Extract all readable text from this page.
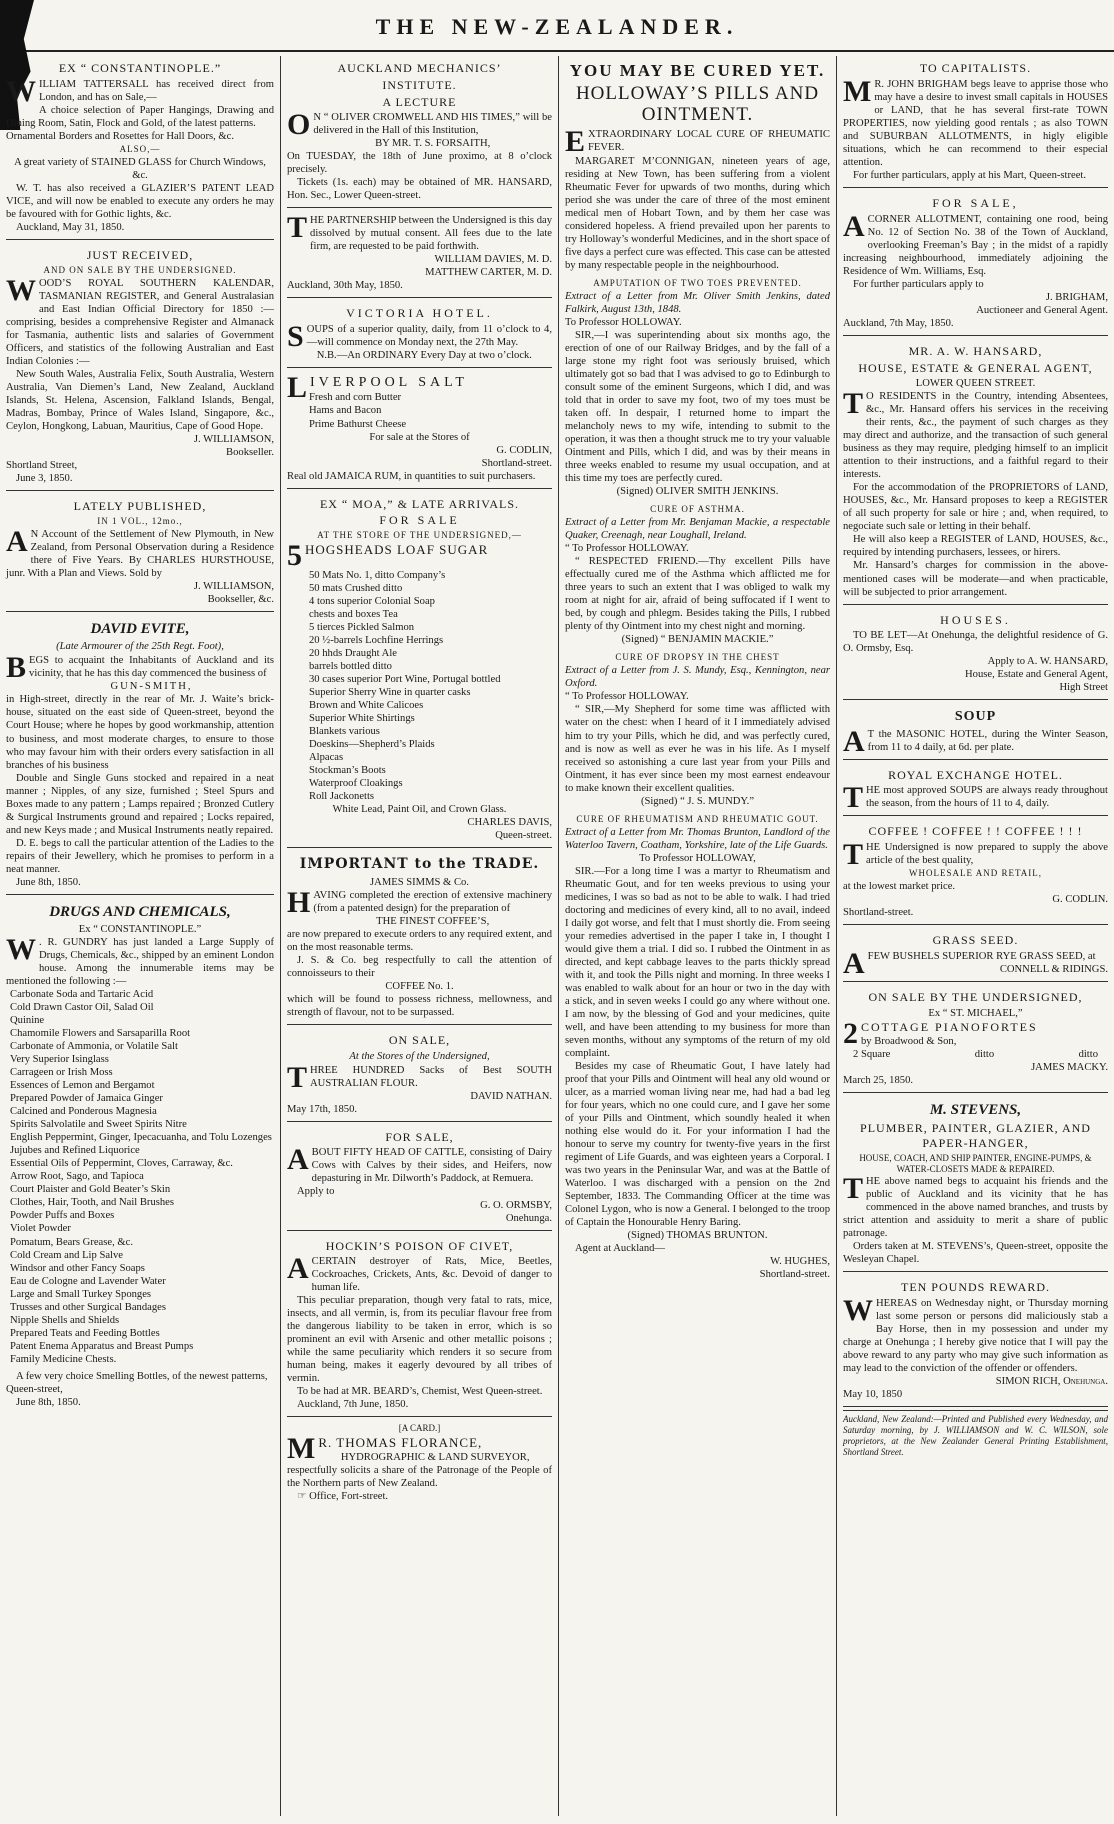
THE NEW-ZEALANDER.
EX “ CONSTANTINOPLE.”

WILLIAM TATTERSALL has received direct from London, and has on Sale,—

A choice selection of Paper Hangings, Drawing and Dining Room, Satin, Flock and Gold, of the latest patterns.

Ornamental Borders and Rosettes for Hall Doors, &c.

ALSO,—

A great variety of STAINED GLASS for Church Windows, &c.

W. T. has also received a GLAZIER’S PATENT LEAD VICE, and will now be enabled to execute any orders he may be favoured with for Gothic lights, &c.

Auckland, May 31, 1850.

JUST RECEIVED,
AND ON SALE BY THE UNDERSIGNED.

WOOD’S ROYAL SOUTHERN KALENDAR, TASMANIAN REGISTER, and General Australasian and East Indian Official Directory for 1850 :—comprising, besides a comprehensive Register and Almanack for Tasmania, authentic lists and salaries of Government Officers, and statistics of the following Australian and East Indian Colonies :—

New South Wales, Australia Felix, South Australia, Western Australia, Van Diemen’s Land, New Zealand, Auckland Islands, St. Helena, Ascension, Falkland Islands, Bengal, Madras, Bombay, Prince of Wales Island, Singapore, &c., Ceylon, Hongkong, Labuan, Mauritius, Cape of Good Hope.

J. WILLIAMSON,

Bookseller.

Shortland Street,

June 3, 1850.

LATELY PUBLISHED,
IN 1 VOL., 12mo.,

A N Account of the Settlement of New Plymouth, in New Zealand, from Personal Observation during a Residence there of Five Years. By CHARLES HURSTHOUSE, junr. With a Plan and Views. Sold by

J. WILLIAMSON,

Bookseller, &c.

DAVID EVITE,
(Late Armourer of the 25th Regt. Foot),

BEGS to acquaint the Inhabitants of Auckland and its vicinity, that he has this day commenced the business of

GUN-SMITH,

in High-street, directly in the rear of Mr. J. Waite’s brick-house, situated on the east side of Queen-street, beyond the Court House; where he hopes by good workmanship, attention to business, and most moderate charges, to ensure to those who may favour him with their orders every satisfaction in all branches of his business

Double and Single Guns stocked and repaired in a neat manner ; Nipples, of any size, furnished ; Steel Spurs and Boxes made to any pattern ; Lamps repaired ; Bronzed Cutlery & Surgical Instruments ground and repaired ; Locks repaired, and new Keys made ; and Musical Instruments neatly repaired.

D. E. begs to call the particular attention of the Ladies to the repairs of their Jewellery, which he promises to perform in a neat manner.

June 8th, 1850.

DRUGS AND CHEMICALS,
Ex “ CONSTANTINOPLE.”

W . R. GUNDRY has just landed a Large Supply of Drugs, Chemicals, &c., shipped by an eminent London house. Among the innumerable items may be mentioned the following :—

Carbonate Soda and Tartaric Acid
Cold Drawn Castor Oil, Salad Oil
Quinine
Chamomile Flowers and Sarsaparilla Root
Carbonate of Ammonia, or Volatile Salt
Very Superior Isinglass
Carrageen or Irish Moss
Essences of Lemon and Bergamot
Prepared Powder of Jamaica Ginger
Calcined and Ponderous Magnesia
Spirits Salvolatile and Sweet Spirits Nitre
English Peppermint, Ginger, Ipecacuanha, and Tolu Lozenges
Jujubes and Refined Liquorice
Essential Oils of Peppermint, Cloves, Carraway, &c.
Arrow Root, Sago, and Tapioca
Court Plaister and Gold Beater’s Skin
Clothes, Hair, Tooth, and Nail Brushes
Powder Puffs and Boxes
Violet Powder
Pomatum, Bears Grease, &c.
Cold Cream and Lip Salve
Windsor and other Fancy Soaps
Eau de Cologne and Lavender Water
Large and Small Turkey Sponges
Trusses and other Surgical Bandages
Nipple Shells and Shields
Prepared Teats and Feeding Bottles
Patent Enema Apparatus and Breast Pumps
Family Medicine Chests.

A few very choice Smelling Bottles, of the newest patterns,

Queen-street,

June 8th, 1850.

AUCKLAND MECHANICS’
INSTITUTE.
A LECTURE

O N “ OLIVER CROMWELL AND HIS TIMES,” will be delivered in the Hall of this Institution,

BY MR. T. S. FORSAITH,

On TUESDAY, the 18th of June proximo, at 8 o’clock precisely.

Tickets (1s. each) may be obtained of MR. HANSARD, Hon. Sec., Lower Queen-street.

THE PARTNERSHIP between the Undersigned is this day dissolved by mutual consent. All fees due to the late firm, are requested to be paid forthwith.

WILLIAM DAVIES, M. D.

MATTHEW CARTER, M. D.

Auckland, 30th May, 1850.

VICTORIA HOTEL.

SOUPS of a superior quality, daily, from 11 o’clock to 4,—will commence on Monday next, the 27th May.

N.B.—An ORDINARY Every Day at two o’clock.

LIVERPOOL SALT

Fresh and corn Butter
Hams and Bacon
Prime Bathurst Cheese

For sale at the Stores of

G. CODLIN,

Shortland-street.

Real old JAMAICA RUM, in quantities to suit purchasers.

EX “ MOA,” & LATE ARRIVALS.
FOR SALE
AT THE STORE OF THE UNDERSIGNED,—

5 HOGSHEADS LOAF SUGAR

50 Mats No. 1, ditto Company’s
50 mats Crushed ditto
4 tons superior Colonial Soap
chests and boxes Tea
5 tierces Pickled Salmon
20 ½-barrels Lochfine Herrings
20 hhds Draught Ale
barrels bottled ditto
30 cases superior Port Wine, Portugal bottled
Superior Sherry Wine in quarter casks
Brown and White Calicoes
Superior White Shirtings
Blankets various
Doeskins—Shepherd’s Plaids
Alpacas
Stockman’s Boots
Waterproof Cloakings
Roll Jackonetts

White Lead, Paint Oil, and Crown Glass.

CHARLES DAVIS,

Queen-street.

IMPORTANT to the TRADE.
JAMES SIMMS & Co.

HAVING completed the erection of extensive machinery (from a patented design) for the preparation of

THE FINEST COFFEE’S,

are now prepared to execute orders to any required extent, and on the most reasonable terms.

J. S. & Co. beg respectfully to call the attention of connoisseurs to their

COFFEE No. 1.

which will be found to possess richness, mellowness, and strength of flavour, not to be surpassed.

ON SALE,
At the Stores of the Undersigned,

THREE HUNDRED Sacks of Best SOUTH AUSTRALIAN FLOUR.

DAVID NATHAN.

May 17th, 1850.

FOR SALE,

ABOUT FIFTY HEAD OF CATTLE, consisting of Dairy Cows with Calves by their sides, and Heifers, now depasturing in Mr. Dilworth’s Paddock, at Remuera.

Apply to

G. O. ORMSBY,

Onehunga.

HOCKIN’S POISON OF CIVET,

ACERTAIN destroyer of Rats, Mice, Beetles, Cockroaches, Crickets, Ants, &c. Devoid of danger to human life.

This peculiar preparation, though very fatal to rats, mice, insects, and all vermin, is, from its peculiar flavour free from the dangerous liability to be taken in error, which is so prominent an evil with Arsenic and other metallic poisons ; while the same peculiarity which renders it so secure from human being, makes it eagerly devoured by all tribes of vermin.

To be had at MR. BEARD’s, Chemist, West Queen-street.

Auckland, 7th June, 1850.

[A CARD.]

M R. THOMAS FLORANCE,

HYDROGRAPHIC & LAND SURVEYOR,

respectfully solicits a share of the Patronage of the People of the Northern parts of New Zealand.

☞ Office, Fort-street.

YOU MAY BE CURED YET.
HOLLOWAY’S PILLS AND OINTMENT.

EXTRAORDINARY LOCAL CURE OF RHEUMATIC FEVER.

MARGARET M’CONNIGAN, nineteen years of age, residing at New Town, has been suffering from a violent Rheumatic Fever for upwards of two months, during which period she was under the care of three of the most eminent medical men of Hobart Town, and by them her case was considered hopeless. A friend prevailed upon her parents to try Holloway’s wonderful Medicines, and in the short space of five days a perfect cure was effected. This case can be attested by many respectable people in the neighbourhood.

AMPUTATION OF TWO TOES PREVENTED.

Extract of a Letter from Mr. Oliver Smith Jenkins, dated Falkirk, August 13th, 1848.

To Professor HOLLOWAY.

SIR,—I was superintending about six months ago, the erection of one of our Railway Bridges, and by the fall of a large stone my right foot was seriously bruised, which ultimately got so bad that I was advised to go to Edinburgh to consult some of the eminent Surgeons, which I did, and was told that in order to save my foot, two of my toes must be taken off. In despair, I returned home to impart the melancholy news to my wife, intending to submit to the operation, it was then a thought struck me to try your valuable Ointment and Pills, which I did, and was by their means in three weeks enabled to resume my usual occupation, and at this time my toes are perfectly cured.

(Signed) OLIVER SMITH JENKINS.

CURE OF ASTHMA.

Extract of a Letter from Mr. Benjaman Mackie, a respectable Quaker, Creenagh, near Loughall, Ireland.

“ To Professor HOLLOWAY.

“ RESPECTED FRIEND.—Thy excellent Pills have effectually cured me of the Asthma which afflicted me for three years to such an extent that I was obliged to walk my room at night for air, afraid of being suffocated if I went to bed, by cough and phlegm. Besides taking the Pills, I rubbed plenty of thy Ointment into my chest night and morning.

(Signed) “ BENJAMIN MACKIE.”

CURE OF DROPSY IN THE CHEST

Extract of a Letter from J. S. Mundy, Esq., Kennington, near Oxford.

“ To Professor HOLLOWAY.

“ SIR,—My Shepherd for some time was afflicted with water on the chest: when I heard of it I immediately advised him to try your Pills, which he did, and was perfectly cured, and is now as well as ever he was in his life. As I myself received so astonishing a cure last year from your Pills and Ointment, it has ever since been my most earnest endeavour to make known their excellent qualities.

(Signed) “ J. S. MUNDY.”

CURE OF RHEUMATISM AND RHEUMATIC GOUT.

Extract of a Letter from Mr. Thomas Brunton, Landlord of the Waterloo Tavern, Coatham, Yorkshire, late of the Life Guards.

To Professor HOLLOWAY,

SIR.—For a long time I was a martyr to Rheumatism and Rheumatic Gout, and for ten weeks previous to using your medicines, I was so bad as not to be able to walk. I had tried doctoring and medicines of every kind, all to no avail, indeed I daily got worse, and felt that I must shortly die. From seeing your remedies advertised in the paper I take in, I thought I would give them a trial. I did so. I rubbed the Ointment in as directed, and kept cabbage leaves to the parts thickly spread with it, and took the Pills night and morning. In three weeks I was enabled to walk about for an hour or two in the day with a stick, and in seven weeks I could go any where without one. I am now, by the blessing of God and your medicines, quite well, and have been attending to my business for more than seven months, without any symptoms of the return of my old complaint.

Besides my case of Rheumatic Gout, I have lately had proof that your Pills and Ointment will heal any old wound or ulcer, as a married woman living near me, had had a bad leg for four years, which no one could cure, and I gave her some of your Pills and Ointment, which soundly healed it when nothing else would do it. For your information I had the honour to serve my country for twenty-five years in the first regiment of Life Guards, and was eighteen years a Corporal. I was two years in the Peninsular War, and was at the Battle of Waterloo. I was discharged with a pension on the 2nd September, 1833. The Commanding Officer at the time was Colonel Lygon, who is now a General. I belonged to the troop of Captain the Honourable Henry Baring.

(Signed) THOMAS BRUNTON.

Agent at Auckland—

W. HUGHES,

Shortland-street.

TO CAPITALISTS.

M R. JOHN BRIGHAM begs leave to apprise those who may have a desire to invest small capitals in HOUSES or LAND, that he has several first-rate TOWN PROPERTIES, now yielding good rentals ; as also TOWN and SUBURBAN ALLOTMENTS, in higly eligible situations, which he can recommend to their especial attention.

For further particulars, apply at his Mart, Queen-street.

FOR SALE,

ACORNER ALLOTMENT, containing one rood, being No. 12 of Section No. 38 of the Town of Auckland, overlooking Freeman’s Bay ; in the midst of a rapidly increasing neighbourhood, immediately adjoining the Residence of Wm. Williams, Esq.

For further particulars apply to

J. BRIGHAM,

Auctioneer and General Agent.

Auckland, 7th May, 1850.

MR. A. W. HANSARD,
HOUSE, ESTATE & GENERAL AGENT,
LOWER QUEEN STREET.

T O RESIDENTS in the Country, intending Absentees, &c., Mr. Hansard offers his services in the receiving their rents, &c., the payment of such charges as they may direct and authorize, and the transaction of such general business as they may require, pledging himself to an implicit attention to their instructions, and a faithful regard to their interests.

For the accommodation of the PROPRIETORS of LAND, HOUSES, &c., Mr. Hansard proposes to keep a REGISTER of all such property for sale or hire ; and, when required, to negociate such sale or letting in their behalf.

He will also keep a REGISTER of LAND, HOUSES, &c., required by intending purchasers, lessees, or hirers.

Mr. Hansard’s charges for commission in the above-mentioned cases will be moderate—and when practicable, will be subjected to prior arrangement.

HOUSES.

TO BE LET—At Onehunga, the delightful residence of G. O. Ormsby, Esq.

Apply to A. W. HANSARD,

House, Estate and General Agent,

High Street

SOUP

A T the MASONIC HOTEL, during the Winter Season, from 11 to 4 daily, at 6d. per plate.

ROYAL EXCHANGE HOTEL.

THE most approved SOUPS are always ready throughout the season, from the hours of 11 to 4, daily.

COFFEE ! COFFEE ! ! COFFEE ! ! !

THE Undersigned is now prepared to supply the above article of the best quality,

WHOLESALE AND RETAIL,

at the lowest market price.

G. CODLIN.

Shortland-street.

GRASS SEED.

AFEW BUSHELS SUPERIOR RYE GRASS SEED, at

CONNELL & RIDINGS.

ON SALE BY THE UNDERSIGNED,
Ex “ ST. MICHAEL,”

2 COTTAGE PIANOFORTES

by Broadwood & Son,

2 Square	ditto	ditto

JAMES MACKY.

March 25, 1850.

M. STEVENS,
PLUMBER, PAINTER, GLAZIER, AND PAPER-HANGER,
HOUSE, COACH, AND SHIP PAINTER, ENGINE-PUMPS, & WATER-CLOSETS MADE & REPAIRED.

THE above named begs to acquaint his friends and the public of Auckland and its vicinity that he has commenced in the above named branches, and trusts by strict attention and assiduity to merit a share of public patronage.

Orders taken at M. STEVENS’s, Queen-street, opposite the Wesleyan Chapel.

TEN POUNDS REWARD.

WHEREAS on Wednesday night, or Thursday morning last some person or persons did maliciously stab a Bay Horse, then in my possession and under my charge at Onehunga ; I hereby give notice that I will pay the above reward to any party who may give such information as may lead to the conviction of the offender or offenders.

SIMON RICH, Onehunga.

May 10, 1850

Auckland, New Zealand:—Printed and Published every Wednesday, and Saturday morning, by J. WILLIAMSON and W. C. WILSON, sole proprietors, at the New Zealander General Printing Establishment, Shortland Street.
